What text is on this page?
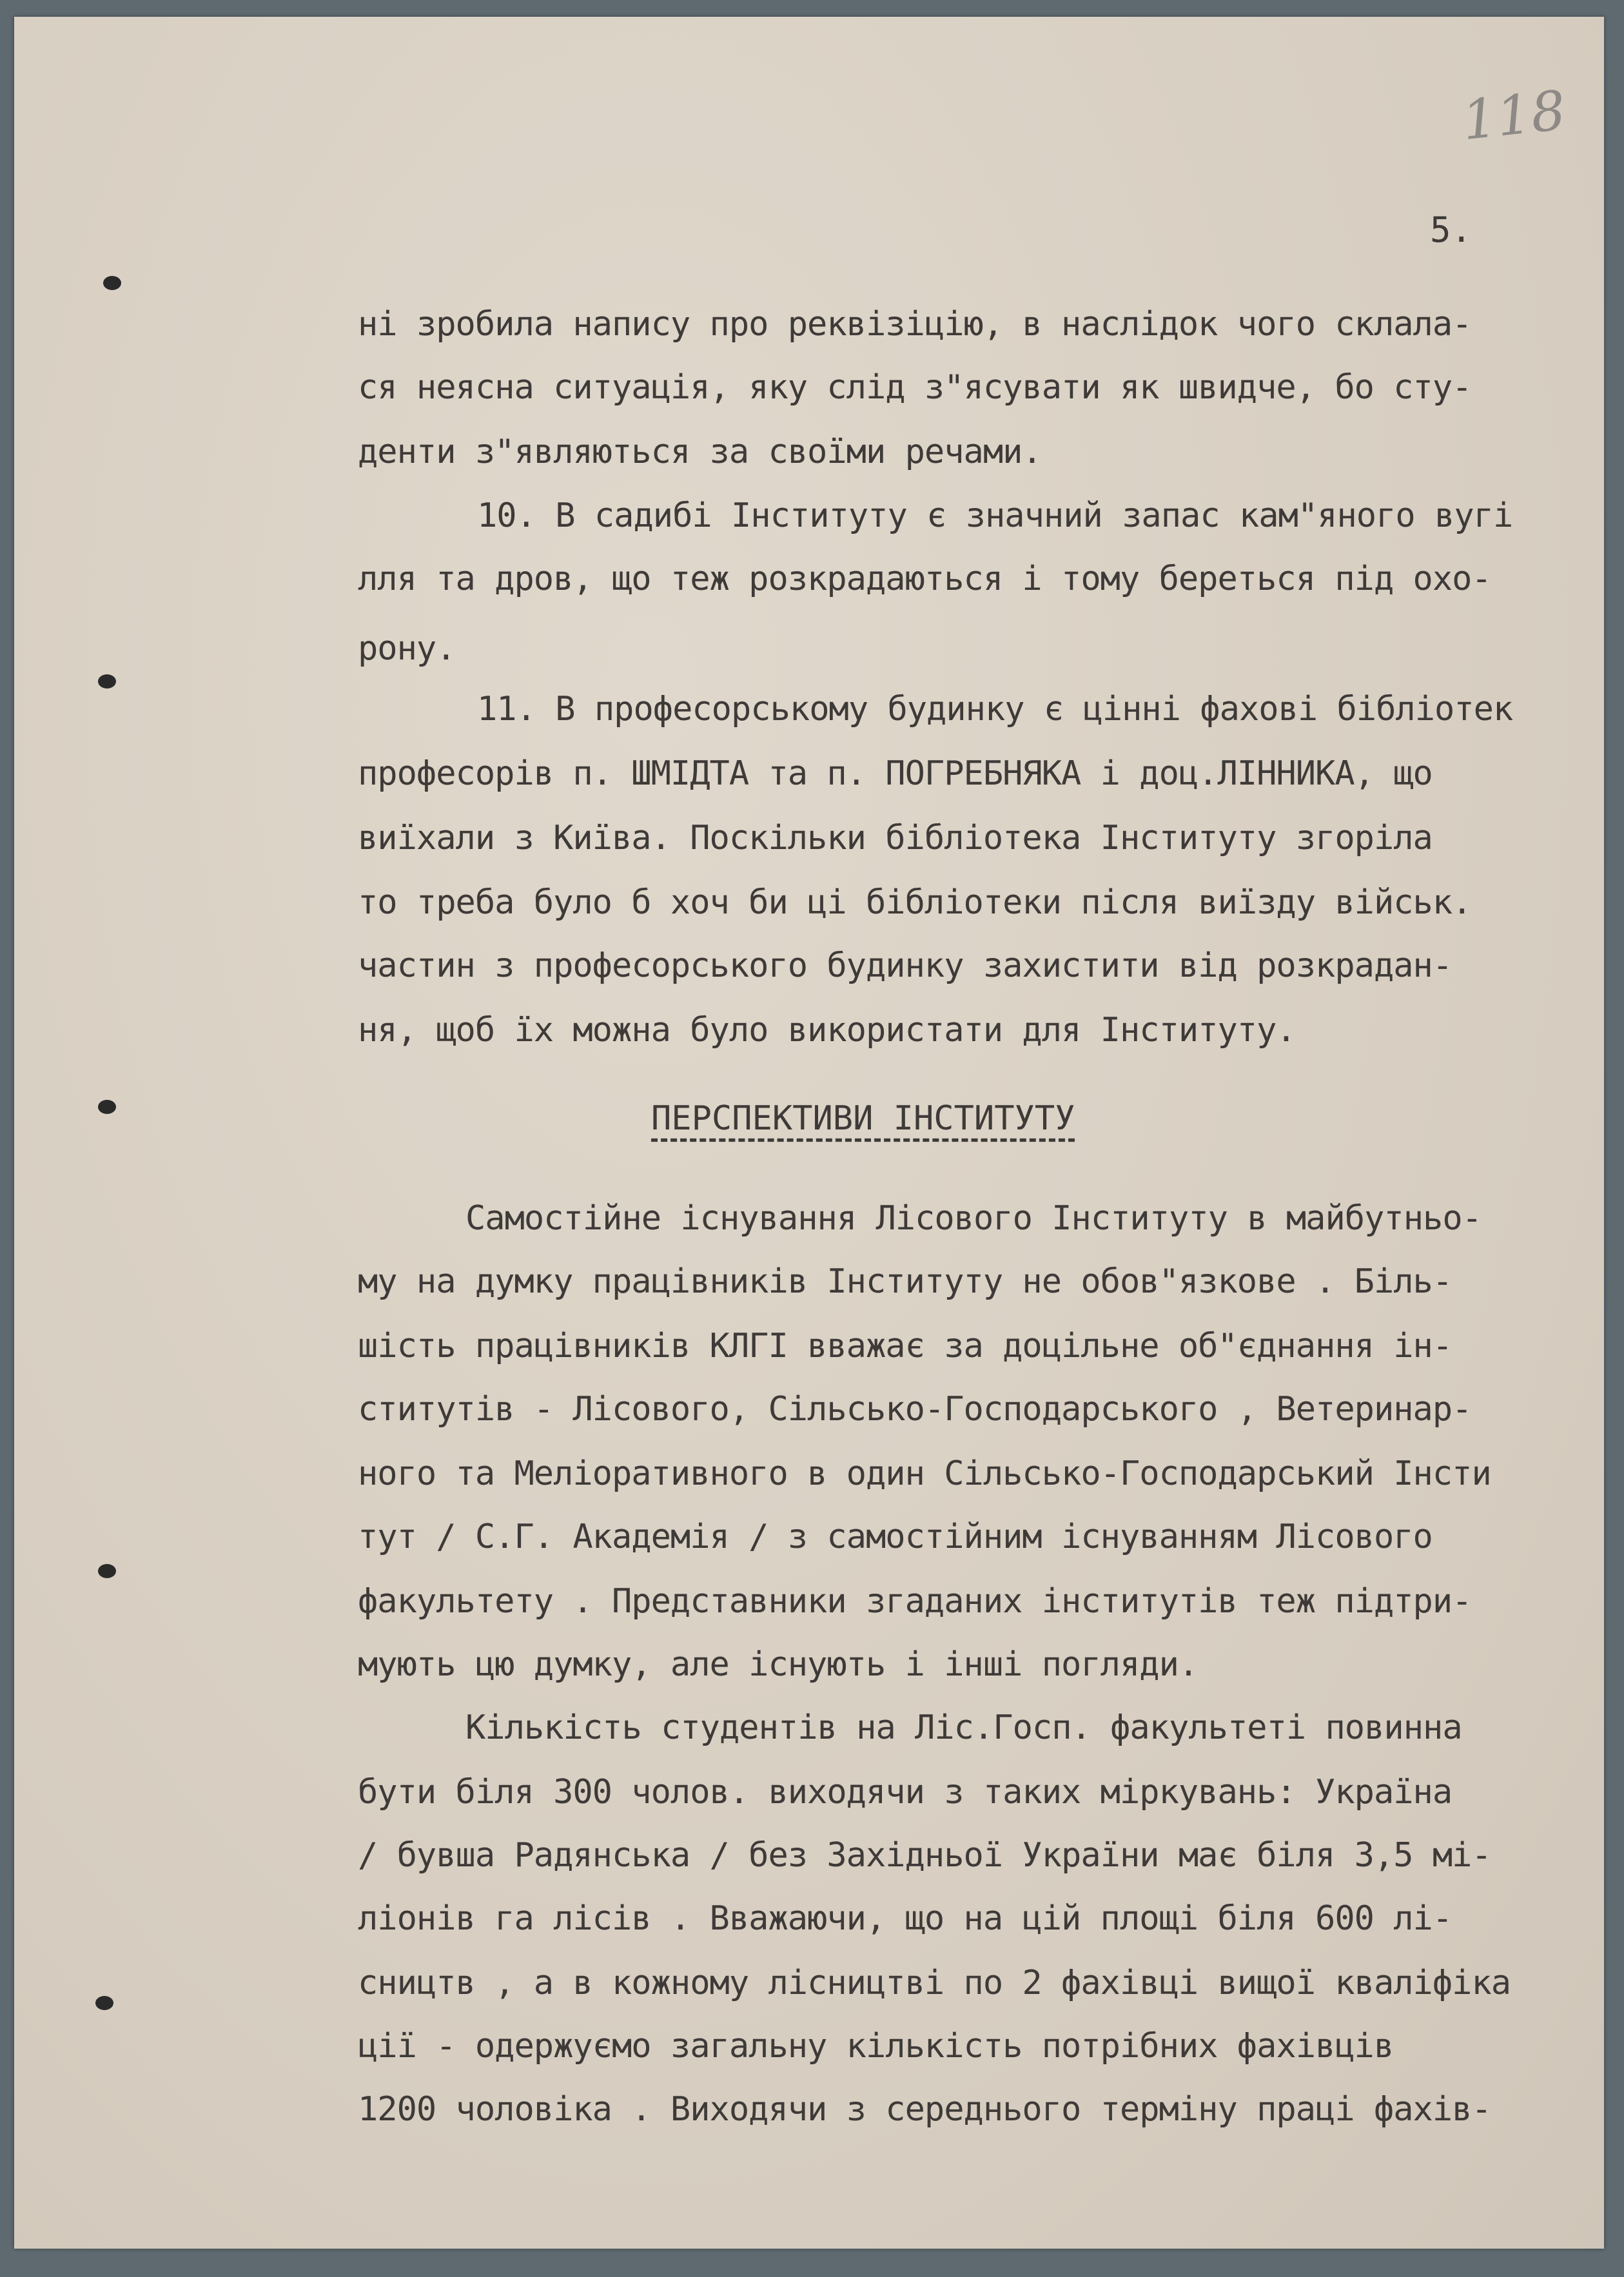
118
5.
ні зробила напису про реквізіцію, в наслідок чого склала-
ся неясна ситуація, яку слід з"ясувати як швидче, бо сту-
денти з"являються за своїми речами.
10. В садибі Інституту є значний запас кам"яного вугі
лля та дров, що теж розкрадаються і тому береться під охо-
рону.
11. В професорському будинку є цінні фахові бібліотек
професорів п. ШМІДТА та п. ПОГРЕБНЯКА і доц.ЛІННИКА, що
виїхали з Київа. Поскільки бібліотека Інституту згоріла
то треба було б хоч би ці бібліотеки після виїзду військ.
частин з професорського будинку захистити від розкрадан-
ня, щоб їх можна було використати для Інституту.
ПЕРСПЕКТИВИ ІНСТИТУТУ
Самостійне існування Лісового Інституту в майбутньо-
му на думку працівників Інституту не обов"язкове . Біль-
шість працівників КЛГІ вважає за доцільне об"єднання ін-
ститутів - Лісового, Сільсько-Господарського , Ветеринар-
ного та Меліоративного в один Сільсько-Господарський Інсти
тут / С.Г. Академія / з самостійним існуванням Лісового
факультету . Представники згаданих інститутів теж підтри-
мують цю думку, але існують і інші погляди.
Кількість студентів на Ліс.Госп. факультеті повинна
бути біля 300 чолов. виходячи з таких міркувань: Україна
/ бувша Радянська / без Західньої України має біля 3,5 мі-
ліонів га лісів . Вважаючи, що на цій площі біля 600 лі-
сництв , а в кожному лісництві по 2 фахівці вищої кваліфіка
ції - одержуємо загальну кількість потрібних фахівців
1200 чоловіка . Виходячи з середнього терміну праці фахів-
